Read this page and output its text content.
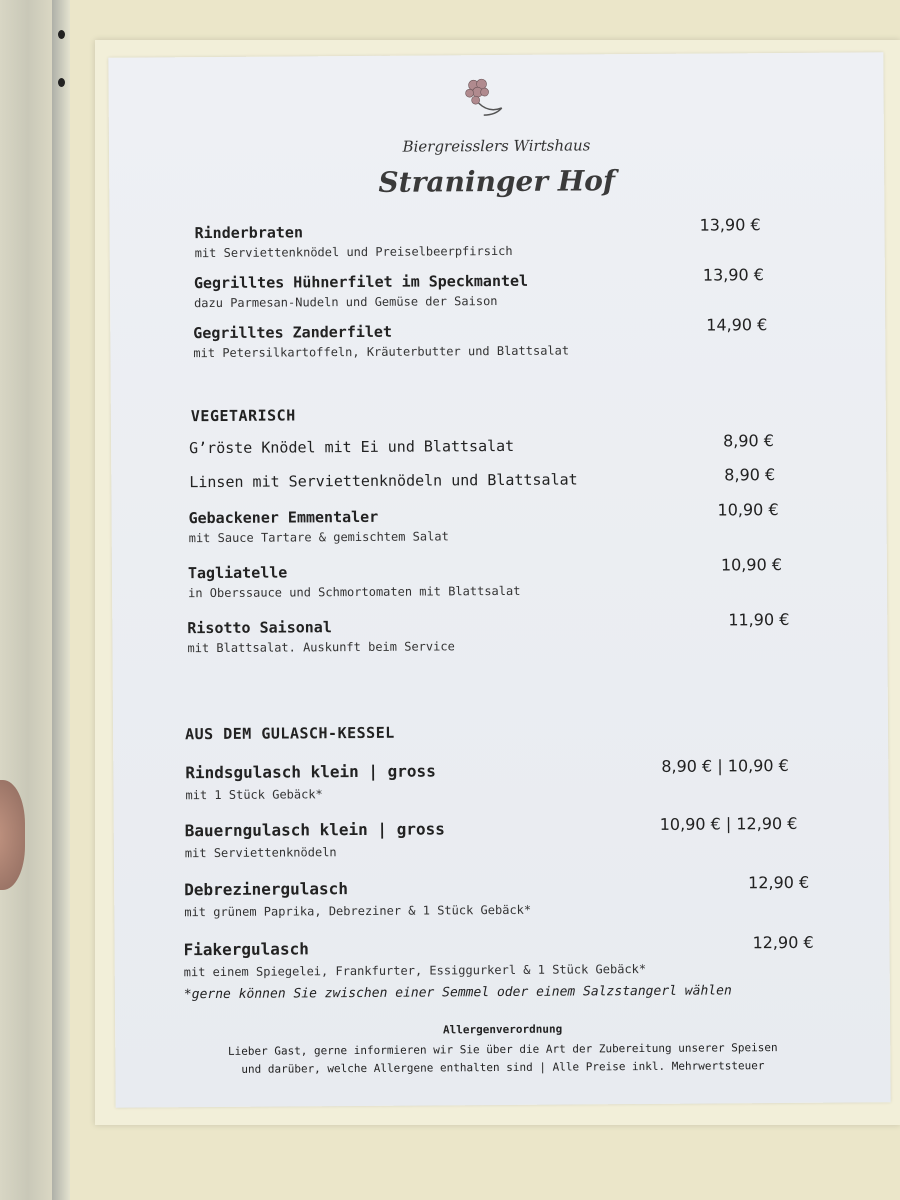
Biergreisslers Wirtshaus
Straninger Hof
Rinderbraten
mit Serviettenknödel und Preiselbeerpfirsich
13,90 €
Gegrilltes Hühnerfilet im Speckmantel
dazu Parmesan-Nudeln und Gemüse der Saison
13,90 €
Gegrilltes Zanderfilet
mit Petersilkartoffeln, Kräuterbutter und Blattsalat
14,90 €
VEGETARISCH
G’röste Knödel mit Ei und Blattsalat	8,90 €
Linsen mit Serviettenknödeln und Blattsalat	8,90 €
Gebackener Emmentaler
mit Sauce Tartare & gemischtem Salat
10,90 €
Tagliatelle
in Oberssauce und Schmortomaten mit Blattsalat
10,90 €
Risotto Saisonal
mit Blattsalat. Auskunft beim Service
11,90 €
AUS DEM GULASCH-KESSEL
Rindsgulasch klein | gross
mit 1 Stück Gebäck*
8,90 € | 10,90 €
Bauerngulasch klein | gross
mit Serviettenknödeln
10,90 € | 12,90 €
Debrezinergulasch
mit grünem Paprika, Debreziner & 1 Stück Gebäck*
12,90 €
Fiakergulasch
mit einem Spiegelei, Frankfurter, Essiggurkerl & 1 Stück Gebäck*
12,90 €
*gerne können Sie zwischen einer Semmel oder einem Salzstangerl wählen
Allergenverordnung
Lieber Gast, gerne informieren wir Sie über die Art der Zubereitung unserer Speisen
und darüber, welche Allergene enthalten sind | Alle Preise inkl. Mehrwertsteuer
